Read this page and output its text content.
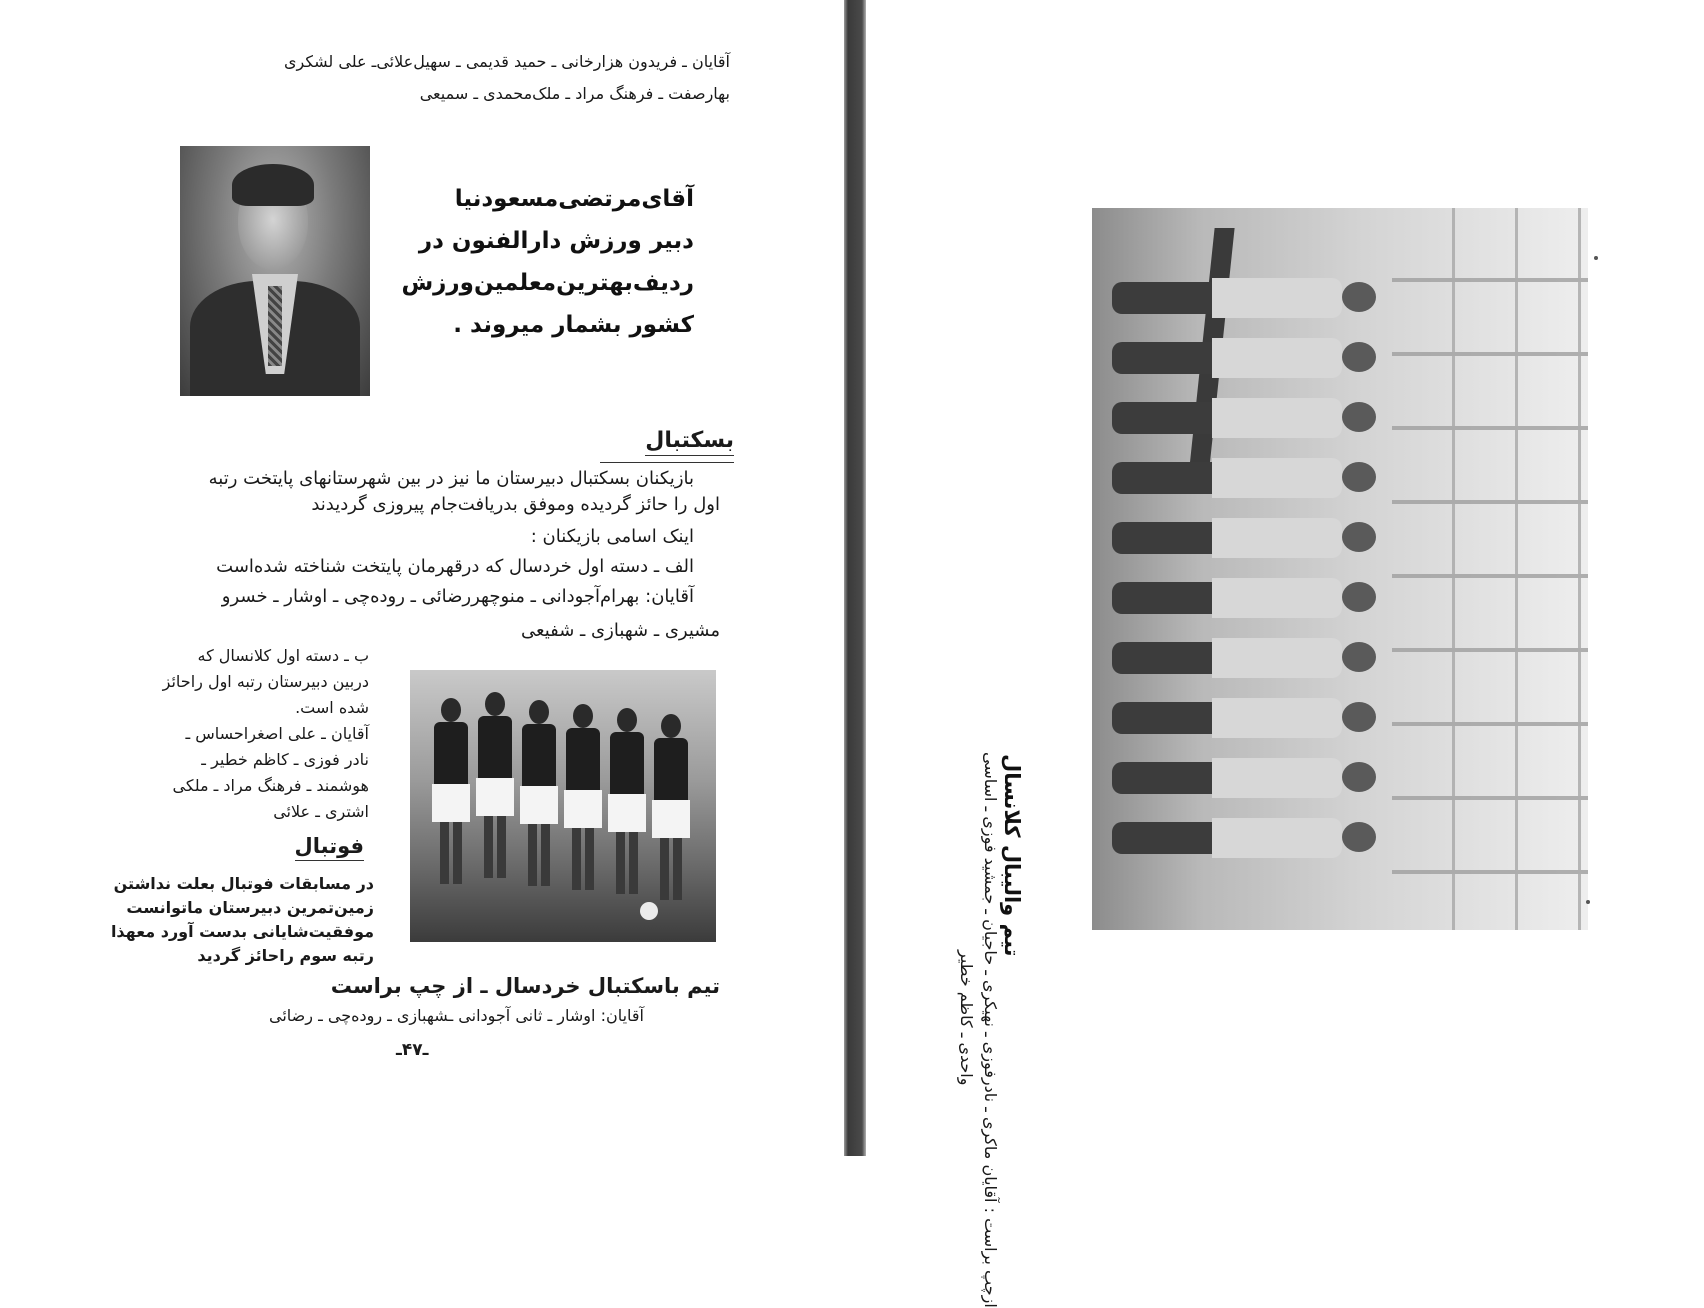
آقایان ـ فریدون هزارخانی ـ حمید قدیمی ـ سهیل‌علائی‌ـ علی لشکری
بهارصفت ـ فرهنگ مراد ـ ملک‌محمدی ـ سمیعی
آقای‌مرتضی‌مسعودنیا
دبیر ورزش دارالفنون در
ردیف‌بهترین‌معلمین‌ورزش
کشور بشمار میروند .
بسکتبال
بازیکنان بسکتبال دبیرستان ما نیز در بین شهرستانهای پایتخت رتبه
اول را حائز گردیده وموفق بدریافت‌جام پیروزی گردیدند
اینک اسامی بازیکنان :
الف ـ دسته اول خردسال که درقهرمان پایتخت شناخته شده‌است
آقایان: بهرام‌آجودانی ـ منوچهررضائی ـ رودەچی ـ اوشار ـ خسرو
مشیری ـ شهبازی ـ شفیعی
ب ـ دسته اول کلانسال که
دربین دبیرستان رتبه اول راحائز
شده است.
آقایان ـ علی اصغراحساس ـ
نادر فوزی ـ کاظم خطیر ـ
هوشمند ـ فرهنگ مراد ـ ملکی
اشتری ـ علائی
فوتبال
در مسابقات فوتبال بعلت نداشتن
زمین‌تمرین دبیرستان ماتوانست
موفقیت‌شایانی بدست آورد معهذا
رتبه سوم راحائز گردید
تیم باسکتبال خردسال ـ از چپ براست
آقایان: اوشار ـ ثانی آجودانی ـشهبازی ـ رودەچی ـ رضائی
ـ۴۷ـ
تیم والیبال کلانسال
ازچپ براست : آقایان ماکری ـ نادرفوزی ـ نهیکری ـ حاجیان ـ جمشید فوزی ـ اساسی
واحدی ـ کاظم خطیر
